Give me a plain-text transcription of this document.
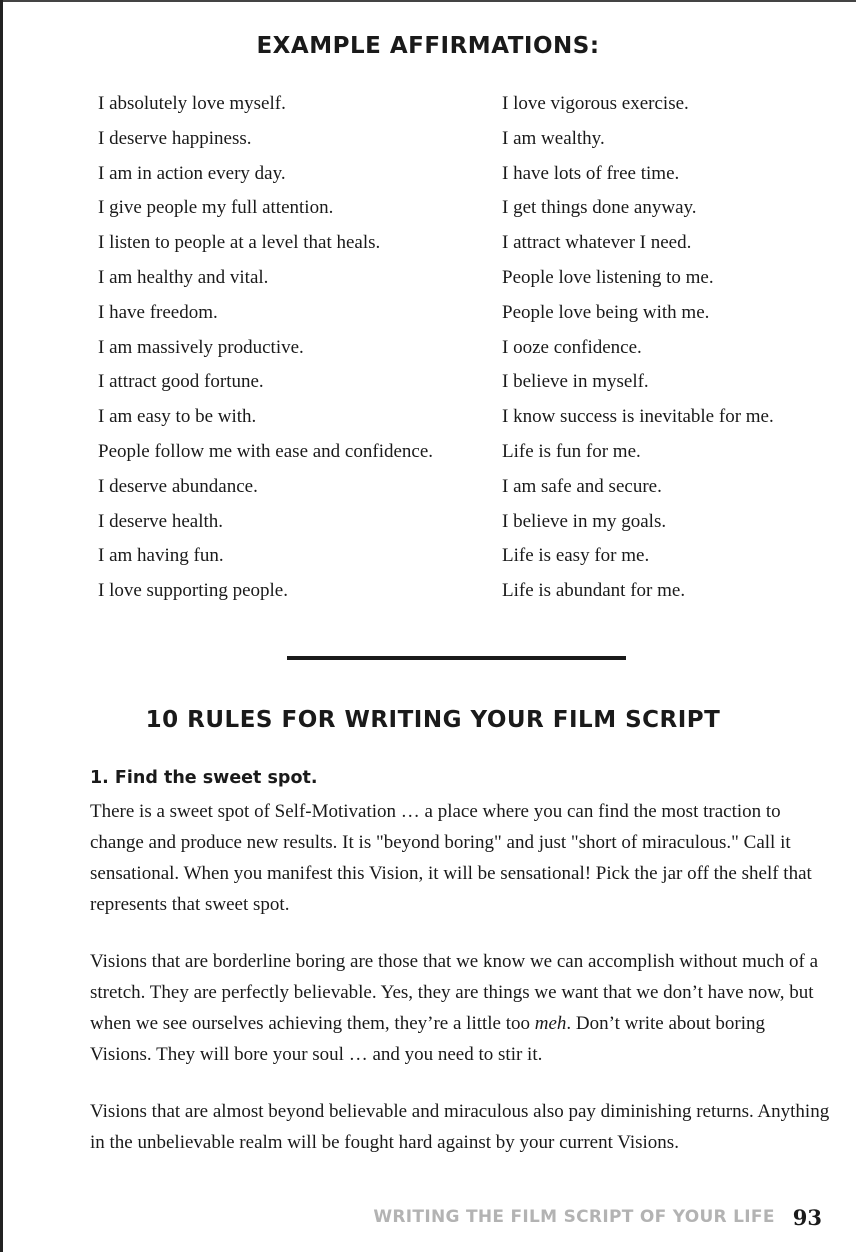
EXAMPLE AFFIRMATIONS:
I absolutely love myself.
I deserve happiness.
I am in action every day.
I give people my full attention.
I listen to people at a level that heals.
I am healthy and vital.
I have freedom.
I am massively productive.
I attract good fortune.
I am easy to be with.
People follow me with ease and confidence.
I deserve abundance.
I deserve health.
I am having fun.
I love supporting people.
I love vigorous exercise.
I am wealthy.
I have lots of free time.
I get things done anyway.
I attract whatever I need.
People love listening to me.
People love being with me.
I ooze confidence.
I believe in myself.
I know success is inevitable for me.
Life is fun for me.
I am safe and secure.
I believe in my goals.
Life is easy for me.
Life is abundant for me.
10 RULES FOR WRITING YOUR FILM SCRIPT
1. Find the sweet spot.

There is a sweet spot of Self-Motivation … a place where you can find the most traction to change and produce new results. It is "beyond boring" and just "short of miraculous." Call it sensational. When you manifest this Vision, it will be sensational! Pick the jar off the shelf that represents that sweet spot.

Visions that are borderline boring are those that we know we can accomplish without much of a stretch. They are perfectly believable. Yes, they are things we want that we don’t have now, but when we see ourselves achieving them, they’re a little too meh. Don’t write about boring Visions. They will bore your soul … and you need to stir it.

Visions that are almost beyond believable and miraculous also pay diminishing returns. Anything in the unbelievable realm will be fought hard against by your current Visions.

WRITING THE FILM SCRIPT OF YOUR LIFE 93
